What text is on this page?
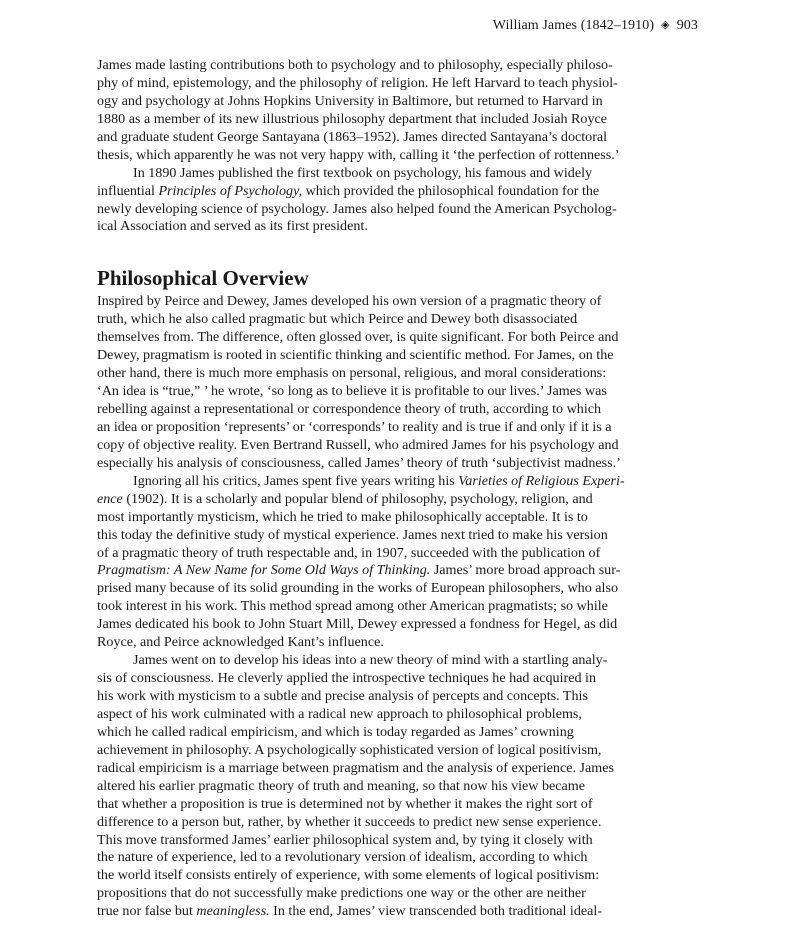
William James (1842–1910) ◈ 903
James made lasting contributions both to psychology and to philosophy, especially philoso-
phy of mind, epistemology, and the philosophy of religion. He left Harvard to teach physiol-
ogy and psychology at Johns Hopkins University in Baltimore, but returned to Harvard in
1880 as a member of its new illustrious philosophy department that included Josiah Royce
and graduate student George Santayana (1863–1952). James directed Santayana’s doctoral
thesis, which apparently he was not very happy with, calling it ‘the perfection of rottenness.’
In 1890 James published the first textbook on psychology, his famous and widely
influential Principles of Psychology, which provided the philosophical foundation for the
newly developing science of psychology. James also helped found the American Psycholog-
ical Association and served as its first president.
Philosophical Overview
Inspired by Peirce and Dewey, James developed his own version of a pragmatic theory of
truth, which he also called pragmatic but which Peirce and Dewey both disassociated
themselves from. The difference, often glossed over, is quite significant. For both Peirce and
Dewey, pragmatism is rooted in scientific thinking and scientific method. For James, on the
other hand, there is much more emphasis on personal, religious, and moral considerations:
‘An idea is “true,” ’ he wrote, ‘so long as to believe it is profitable to our lives.’ James was
rebelling against a representational or correspondence theory of truth, according to which
an idea or proposition ‘represents’ or ‘corresponds’ to reality and is true if and only if it is a
copy of objective reality. Even Bertrand Russell, who admired James for his psychology and
especially his analysis of consciousness, called James’ theory of truth ‘subjectivist madness.’
Ignoring all his critics, James spent five years writing his Varieties of Religious Experi-
ence (1902). It is a scholarly and popular blend of philosophy, psychology, religion, and
most importantly mysticism, which he tried to make philosophically acceptable. It is to
this today the definitive study of mystical experience. James next tried to make his version
of a pragmatic theory of truth respectable and, in 1907, succeeded with the publication of
Pragmatism: A New Name for Some Old Ways of Thinking. James’ more broad approach sur-
prised many because of its solid grounding in the works of European philosophers, who also
took interest in his work. This method spread among other American pragmatists; so while
James dedicated his book to John Stuart Mill, Dewey expressed a fondness for Hegel, as did
Royce, and Peirce acknowledged Kant’s influence.
James went on to develop his ideas into a new theory of mind with a startling analy-
sis of consciousness. He cleverly applied the introspective techniques he had acquired in
his work with mysticism to a subtle and precise analysis of percepts and concepts. This
aspect of his work culminated with a radical new approach to philosophical problems,
which he called radical empiricism, and which is today regarded as James’ crowning
achievement in philosophy. A psychologically sophisticated version of logical positivism,
radical empiricism is a marriage between pragmatism and the analysis of experience. James
altered his earlier pragmatic theory of truth and meaning, so that now his view became
that whether a proposition is true is determined not by whether it makes the right sort of
difference to a person but, rather, by whether it succeeds to predict new sense experience.
This move transformed James’ earlier philosophical system and, by tying it closely with
the nature of experience, led to a revolutionary version of idealism, according to which
the world itself consists entirely of experience, with some elements of logical positivism:
propositions that do not successfully make predictions one way or the other are neither
true nor false but meaningless. In the end, James’ view transcended both traditional ideal-
